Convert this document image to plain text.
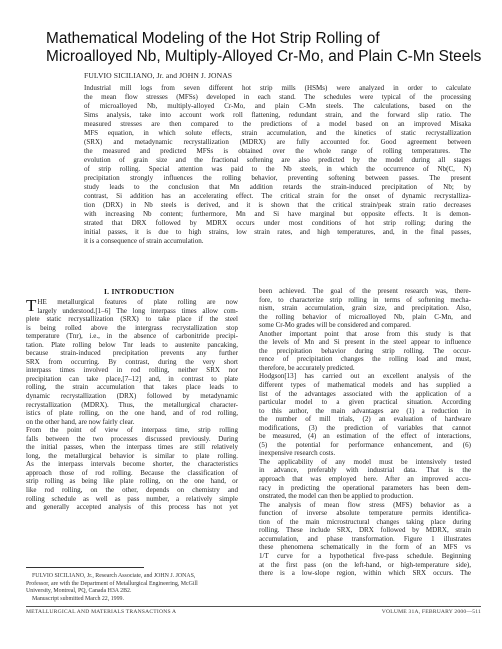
Mathematical Modeling of the Hot Strip Rolling of
Microalloyed Nb, Multiply-Alloyed Cr-Mo, and Plain C-Mn Steels
FULVIO SICILIANO, Jr. and JOHN J. JONAS
Industrial mill logs from seven different hot strip mills (HSMs) were analyzed in order to calculate
the mean flow stresses (MFSs) developed in each stand. The schedules were typical of the processing
of microalloyed Nb, multiply-alloyed Cr-Mo, and plain C-Mn steels. The calculations, based on the
Sims analysis, take into account work roll flattening, redundant strain, and the forward slip ratio. The
measured stresses are then compared to the predictions of a model based on an improved Misaka
MFS equation, in which solute effects, strain accumulation, and the kinetics of static recrystallization
(SRX) and metadynamic recrystallization (MDRX) are fully accounted for. Good agreement between
the measured and predicted MFSs is obtained over the whole range of rolling temperatures. The
evolution of grain size and the fractional softening are also predicted by the model during all stages
of strip rolling. Special attention was paid to the Nb steels, in which the occurrence of Nb(C, N)
precipitation strongly influences the rolling behavior, preventing softening between passes. The present
study leads to the conclusion that Mn addition retards the strain-induced precipitation of Nb; by
contrast, Si addition has an accelerating effect. The critical strain for the onset of dynamic recrystalliza-
tion (DRX) in Nb steels is derived, and it is shown that the critical strain/peak strain ratio decreases
with increasing Nb content; furthermore, Mn and Si have marginal but opposite effects. It is demon-
strated that DRX followed by MDRX occurs under most conditions of hot strip rolling; during the
initial passes, it is due to high strains, low strain rates, and high temperatures, and, in the final passes,
it is a consequence of strain accumulation.
I. INTRODUCTION
T HE metallurgical features of plate rolling are now
largely understood.[1–6] The long interpass times allow com-
plete static recrystallization (SRX) to take place if the steel
is being rolled above the intergrass recrystallization stop
temperature (Tnr), i.e., in the absence of carbonitride precipi-
tation. Plate rolling below Tnr leads to austenite pancaking,
because strain-induced precipitation prevents any further
SRX from occurring. By contrast, during the very short
interpass times involved in rod rolling, neither SRX nor
precipitation can take place,[7–12] and, in contrast to plate
rolling, the strain accumulation that takes place leads to
dynamic recrystallization (DRX) followed by metadynamic
recrystallization (MDRX). Thus, the metallurgical character-
istics of plate rolling, on the one hand, and of rod rolling,
on the other hand, are now fairly clear.
From the point of view of interpass time, strip rolling
falls between the two processes discussed previously. During
the initial passes, when the interpass times are still relatively
long, the metallurgical behavior is similar to plate rolling.
As the interpass intervals become shorter, the characteristics
approach those of rod rolling. Because the classification of
strip rolling as being like plate rolling, on the one hand, or
like rod rolling, on the other, depends on chemistry and
rolling schedule as well as pass number, a relatively simple
and generally accepted analysis of this process has not yet
been achieved. The goal of the present research was, there-
fore, to characterize strip rolling in terms of softening mecha-
nism, strain accumulation, grain size, and precipitation. Also,
the rolling behavior of microalloyed Nb, plain C-Mn, and
some Cr-Mo grades will be considered and compared.
Another important point that arose from this study is that
the levels of Mn and Si present in the steel appear to influence
the precipitation behavior during strip rolling. The occur-
rence of precipitation changes the rolling load and must,
therefore, be accurately predicted.
Hodgson[13] has carried out an excellent analysis of the
different types of mathematical models and has supplied a
list of the advantages associated with the application of a
particular model to a given practical situation. According
to this author, the main advantages are (1) a reduction in
the number of mill trials, (2) an evaluation of hardware
modifications, (3) the prediction of variables that cannot
be measured, (4) an estimation of the effect of interactions,
(5) the potential for performance enhancement, and (6)
inexpensive research costs.
The applicability of any model must be intensively tested
in advance, preferably with industrial data. That is the
approach that was employed here. After an improved accu-
racy in predicting the operational parameters has been dem-
onstrated, the model can then be applied to production.
The analysis of mean flow stress (MFS) behavior as a
function of inverse absolute temperature permits identifica-
tion of the main microstructural changes taking place during
rolling. These include SRX, DRX followed by MDRX, strain
accumulation, and phase transformation. Figure 1 illustrates
these phenomena schematically in the form of an MFS vs
1/T curve for a hypothetical five-pass schedule. Beginning
at the first pass (on the left-hand, or high-temperature side),
there is a low-slope region, within which SRX occurs. The
FULVIO SICILIANO, Jr., Research Associate, and JOHN J. JONAS,
Professor, are with the Department of Metallurgical Engineering, McGill
University, Montreal, PQ, Canada H3A 2B2.
Manuscript submitted March 22, 1999.
METALLURGICAL AND MATERIALS TRANSACTIONS A	VOLUME 31A, FEBRUARY 2000—511
